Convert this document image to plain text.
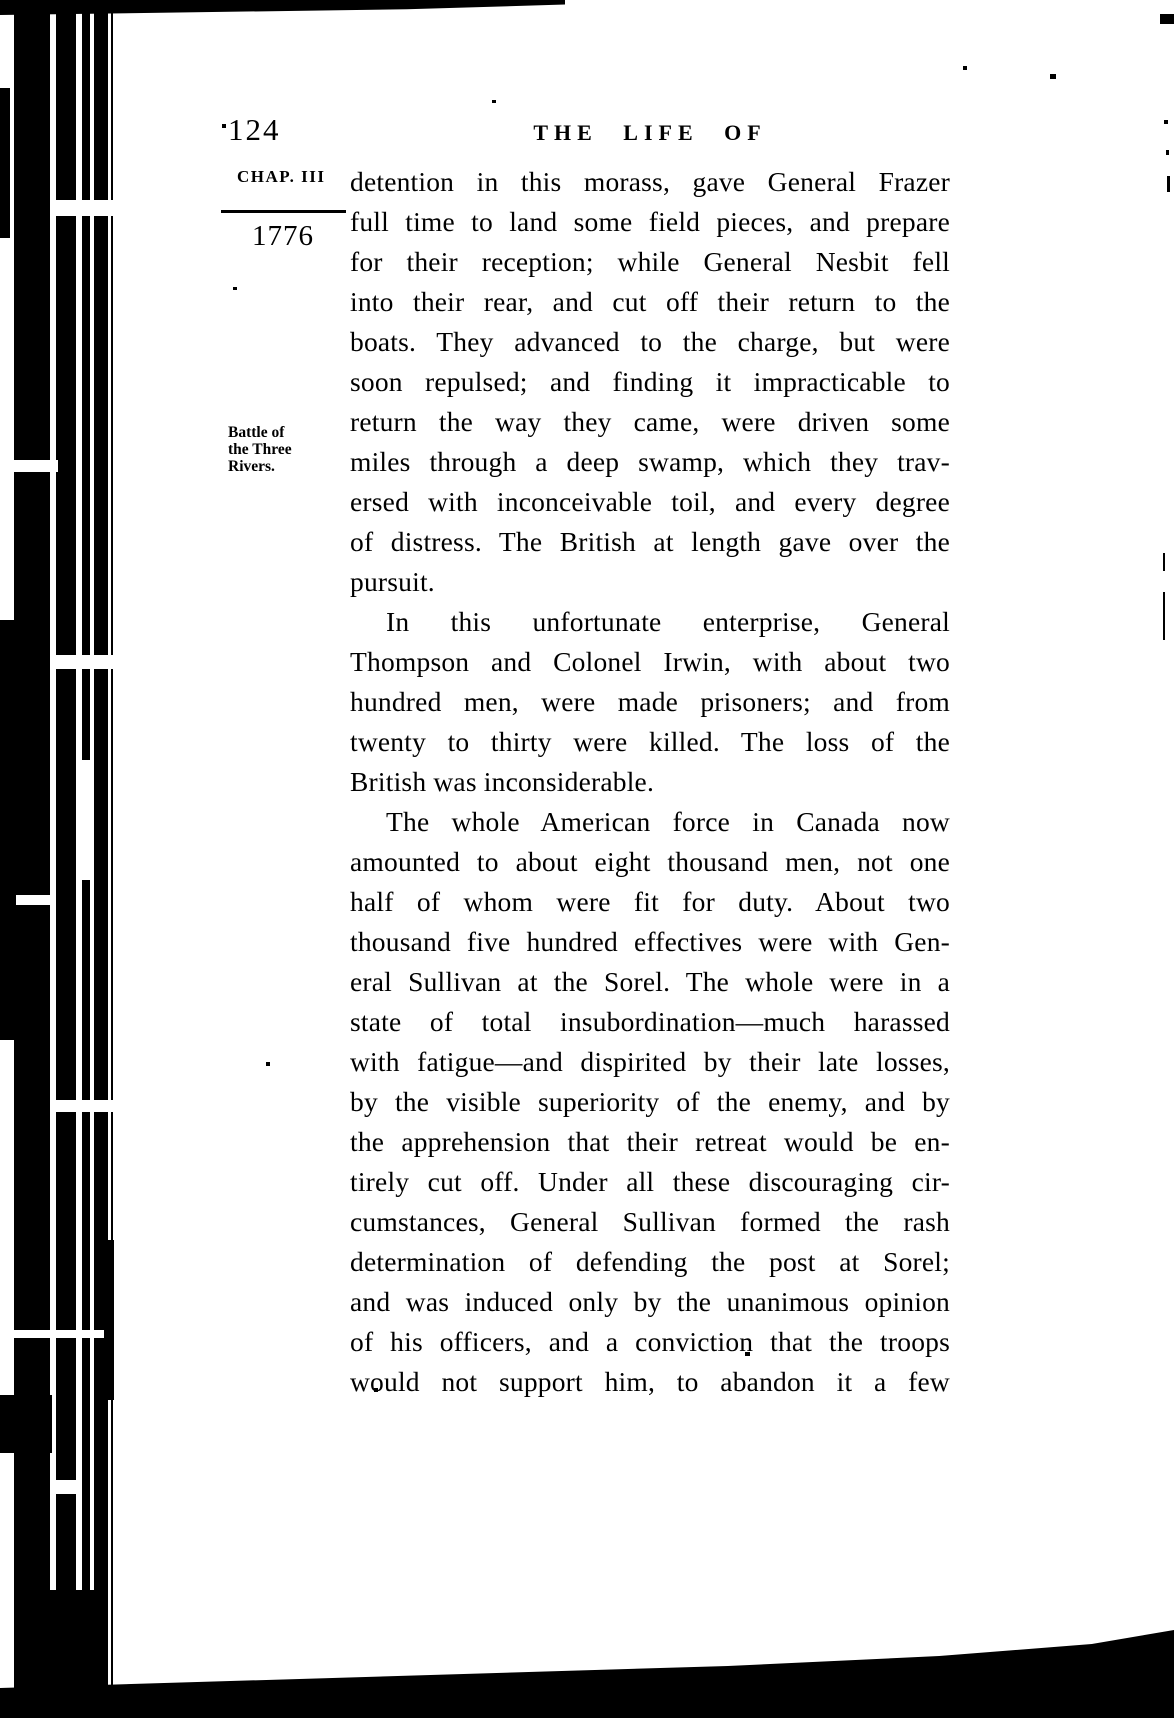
124	THE LIFE OF
CHAP. III
1776
Battle of
the Three
Rivers.
detention in this morass, gave General Frazer
full time to land some field pieces, and prepare
for their reception; while General Nesbit fell
into their rear, and cut off their return to the
boats. They advanced to the charge, but were
soon repulsed; and finding it impracticable to
return the way they came, were driven some
miles through a deep swamp, which they trav-
ersed with inconceivable toil, and every degree
of distress. The British at length gave over the
pursuit.
In this unfortunate enterprise, General
Thompson and Colonel Irwin, with about two
hundred men, were made prisoners; and from
twenty to thirty were killed. The loss of the
British was inconsiderable.
The whole American force in Canada now
amounted to about eight thousand men, not one
half of whom were fit for duty. About two
thousand five hundred effectives were with Gen-
eral Sullivan at the Sorel. The whole were in a
state of total insubordination—much harassed
with fatigue—and dispirited by their late losses,
by the visible superiority of the enemy, and by
the apprehension that their retreat would be en-
tirely cut off. Under all these discouraging cir-
cumstances, General Sullivan formed the rash
determination of defending the post at Sorel;
and was induced only by the unanimous opinion
of his officers, and a conviction that the troops
would not support him, to abandon it a few
